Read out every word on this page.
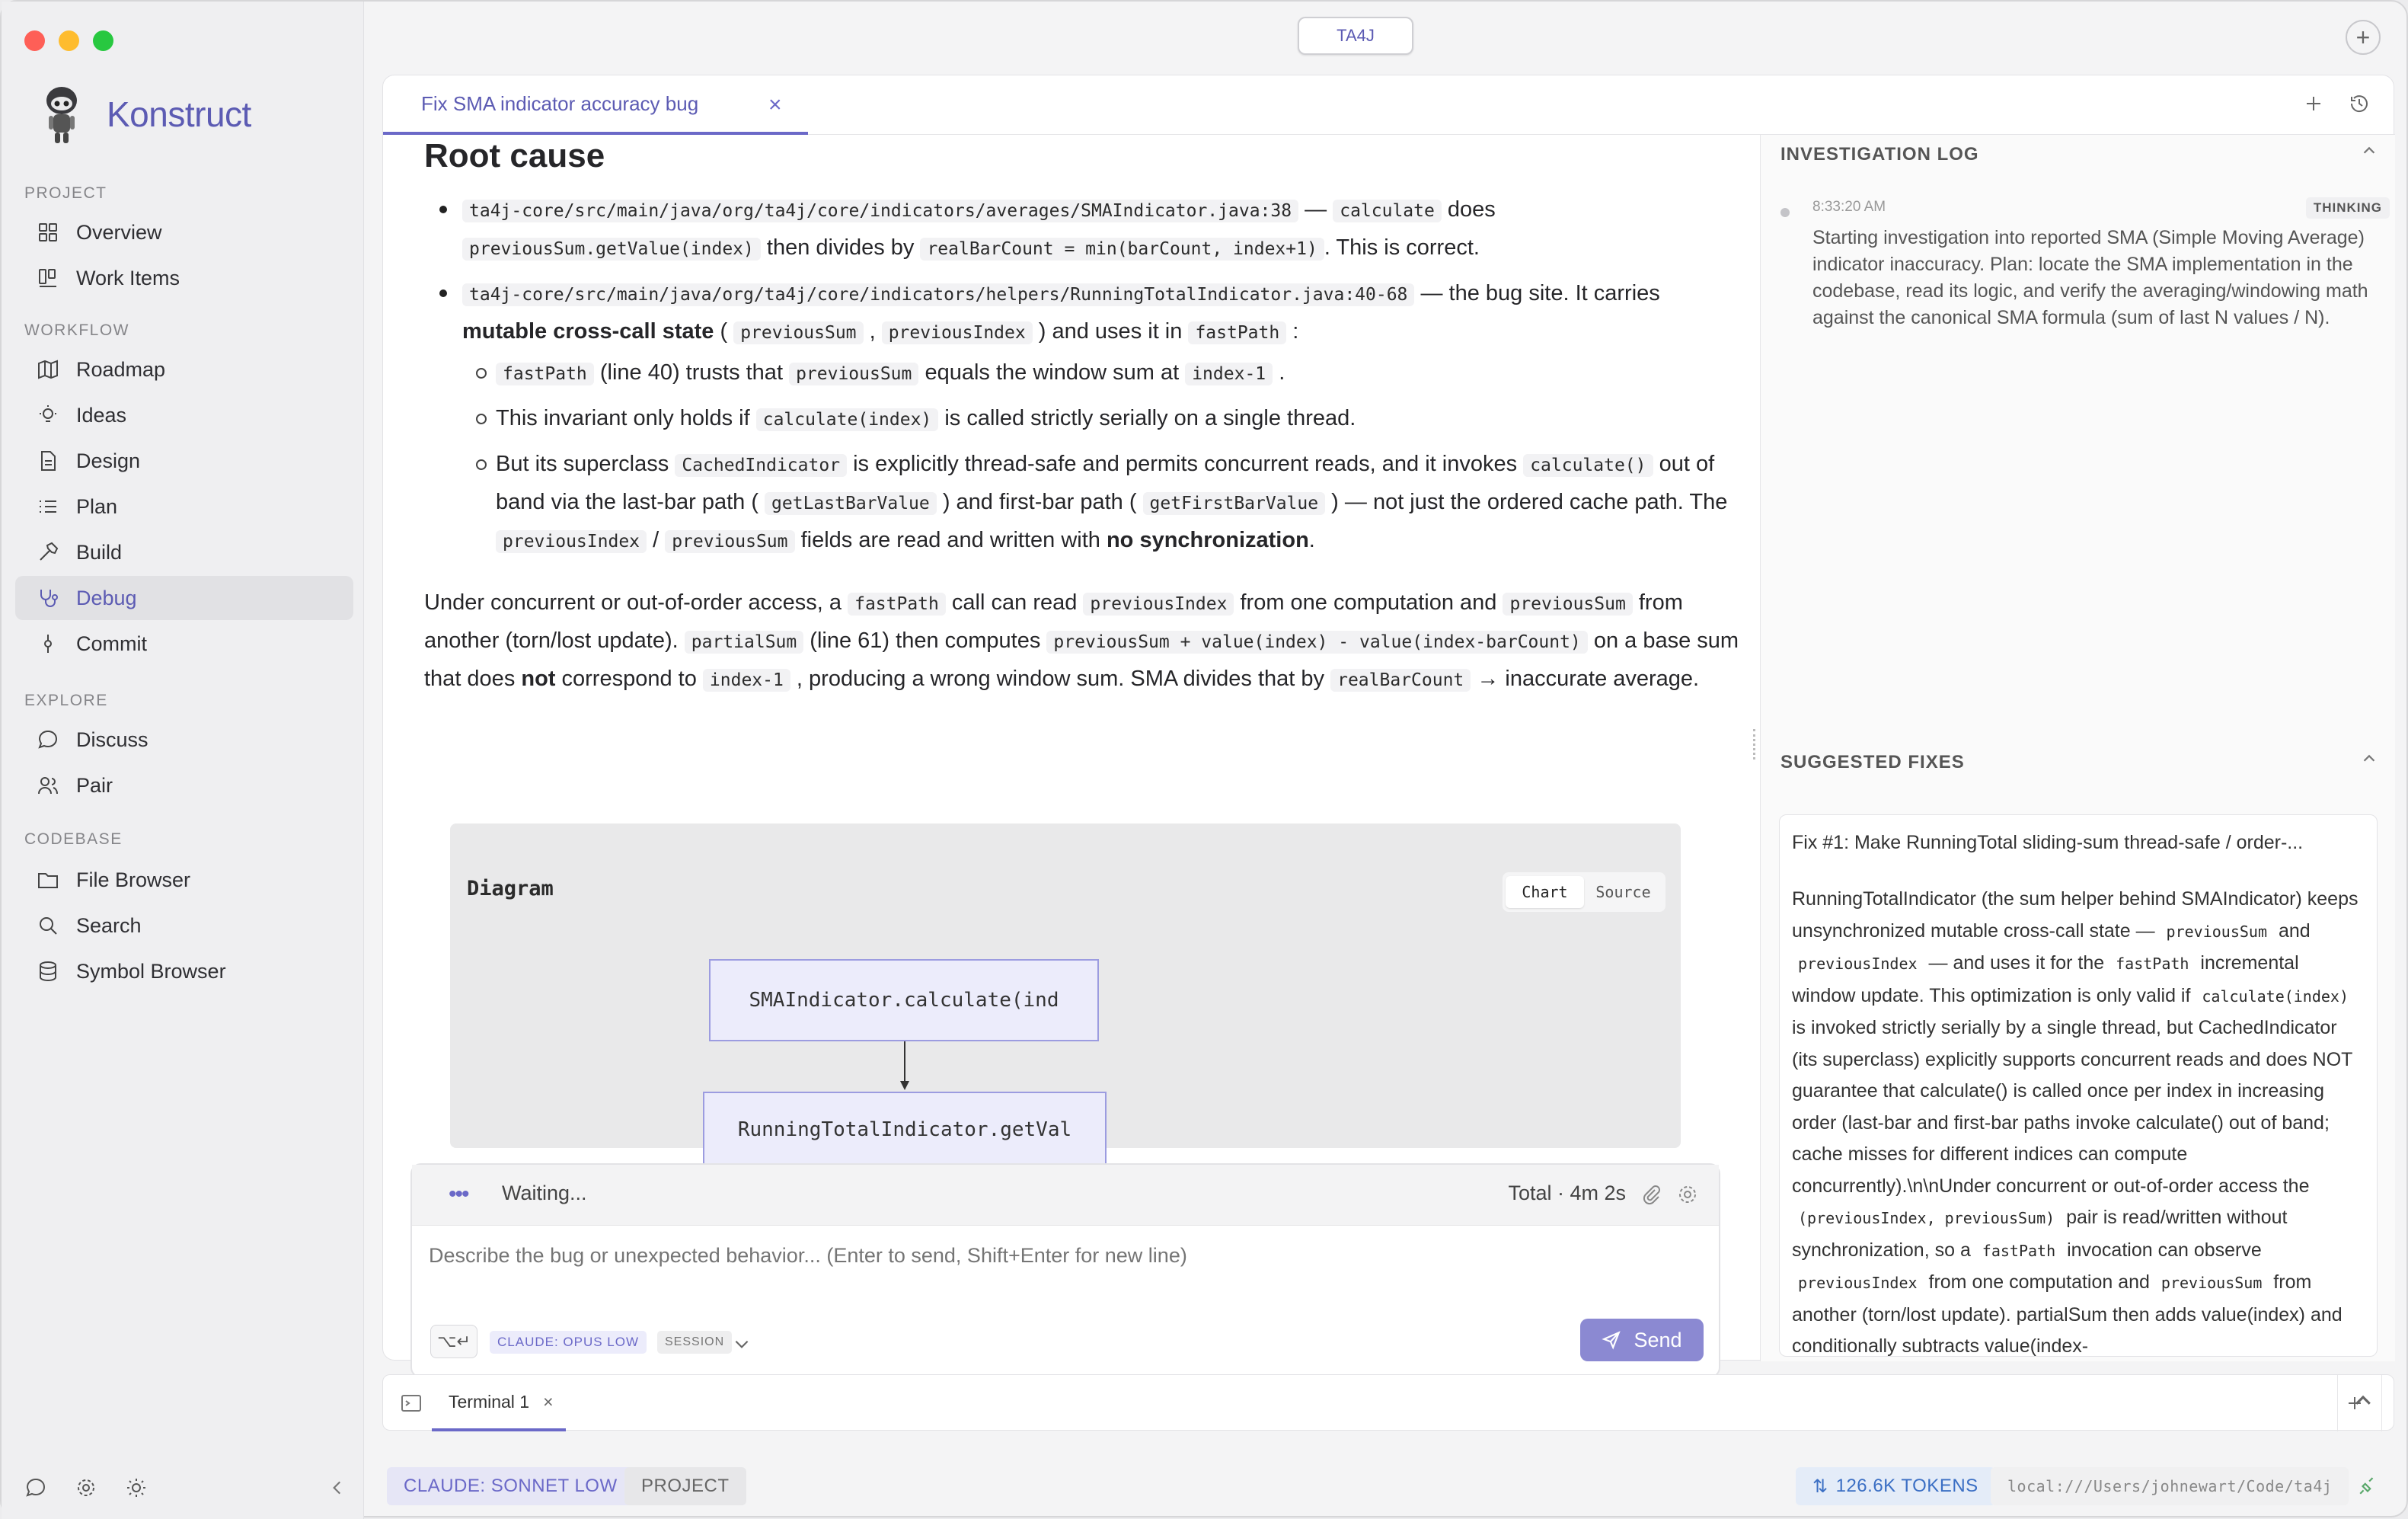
Konstruct
PROJECT
Overview
Work Items
WORKFLOW
Roadmap
Ideas
Design
Plan
Build
Debug
Commit
EXPLORE
Discuss
Pair
CODEBASE
File Browser
Search
Symbol Browser
TA4J	+
Fix SMA indicator accuracy bug	×
Root cause
ta4j-core/src/main/java/org/ta4j/core/indicators/averages/SMAIndicator.java:38 — calculate does
previousSum.getValue(index) then divides by realBarCount = min(barCount, index+1) . This is correct.
ta4j-core/src/main/java/org/ta4j/core/indicators/helpers/RunningTotalIndicator.java:40-68 — the bug site. It carries mutable cross-call state ( previousSum , previousIndex ) and uses it in fastPath :
fastPath (line 40) trusts that previousSum equals the window sum at index-1 .
This invariant only holds if calculate(index) is called strictly serially on a single thread.
But its superclass CachedIndicator is explicitly thread-safe and permits concurrent reads, and it invokes calculate() out of band via the last-bar path ( getLastBarValue ) and first-bar path ( getFirstBarValue ) — not just the ordered cache path. The previousIndex / previousSum fields are read and written with no synchronization.

Under concurrent or out-of-order access, a fastPath call can read previousIndex from one computation and previousSum from another (torn/lost update). partialSum (line 61) then computes previousSum + value(index) - value(index-barCount) on a base sum that does not correspond to index-1 , producing a wrong window sum. SMA divides that by realBarCount → inaccurate average.

Diagram	Chart	Source
SMAIndicator.calculate(ind
RunningTotalIndicator.getVal
••• Waiting...	Total · 4m 2s
Describe the bug or unexpected behavior... (Enter to send, Shift+Enter for new line)
⌥↵	CLAUDE: OPUS LOW	SESSION	Send
INVESTIGATION LOG
8:33:20 AM	THINKING
Starting investigation into reported SMA (Simple Moving Average) indicator inaccuracy. Plan: locate the SMA implementation in the codebase, read its logic, and verify the averaging/windowing math against the canonical SMA formula (sum of last N values / N).
SUGGESTED FIXES
Fix #1: Make RunningTotal sliding-sum thread-safe / order-...
RunningTotalIndicator (the sum helper behind SMAIndicator) keeps unsynchronized mutable cross-call state — previousSum and previousIndex — and uses it for the fastPath incremental window update. This optimization is only valid if calculate(index) is invoked strictly serially by a single thread, but CachedIndicator (its superclass) explicitly supports concurrent reads and does NOT guarantee that calculate() is called once per index in increasing order (last-bar and first-bar paths invoke calculate() out of band; cache misses for different indices can compute concurrently).\n\nUnder concurrent or out-of-order access the (previousIndex, previousSum) pair is read/written without synchronization, so a fastPath invocation can observe previousIndex from one computation and previousSum from another (torn/lost update). partialSum then adds value(index) and conditionally subtracts value(index-
Terminal 1 ×
CLAUDE: SONNET LOW	PROJECT	⇅ 126.6K TOKENS	local:///Users/johnewart/Code/ta4j
